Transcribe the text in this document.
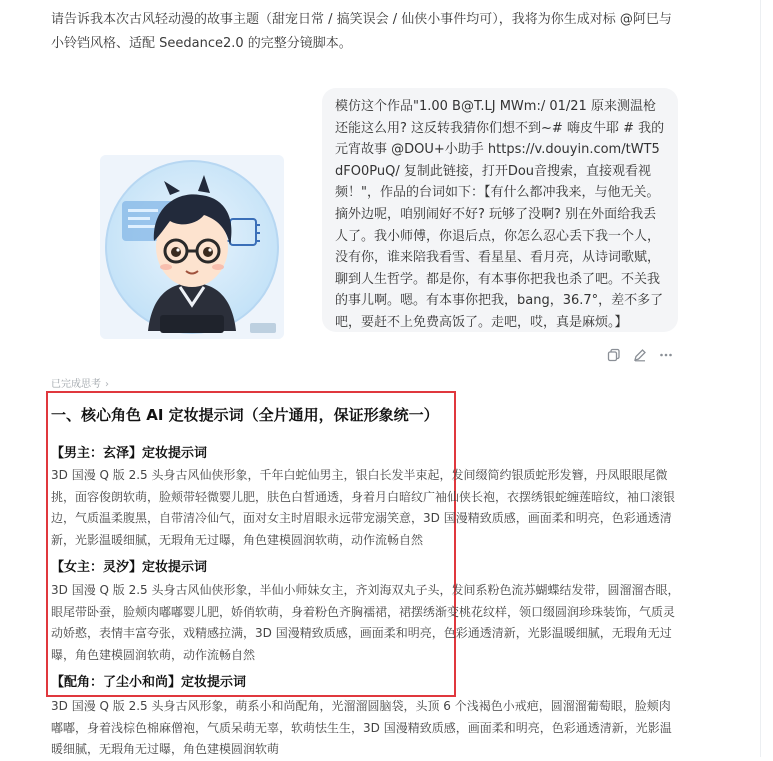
请告诉我本次古风轻动漫的故事主题（甜宠日常 / 搞笑误会 / 仙侠小事件均可），我将为你生成对标 @阿巳与小铃铛风格、适配 Seedance2.0 的完整分镜脚本。
模仿这个作品"1.00 B@T.LJ MWm:/ 01/21 原来测温枪还能这么用? 这反转我猜你们想不到~# 嗨皮牛耶 # 我的元宵故事 @DOU+小助手 https://v.douyin.com/tWT5dFO0PuQ/ 复制此链接，打开Dou音搜索，直接观看视频！"，作品的台词如下：【有什么都冲我来，与他无关。摘外边呢，咱别闹好不好? 玩够了没啊? 别在外面给我丢人了。我小师傅，你退后点，你怎么忍心丢下我一个人，没有你，谁来陪我看雪、看星星、看月亮，从诗词歌赋，聊到人生哲学。都是你，有本事你把我也杀了吧。不关我的事儿啊。嗯。有本事你把我，bang，36.7°，差不多了吧，要赶不上免费高饭了。走吧，哎，真是麻烦。】
已完成思考 ›
一、核心角色 AI 定妆提示词（全片通用，保证形象统一）
【男主：玄泽】定妆提示词
3D 国漫 Q 版 2.5 头身古风仙侠形象，千年白蛇仙男主，银白长发半束起，发间缀简约银质蛇形发簪，丹凤眼眼尾微挑，面容俊朗软萌，脸颊带轻微婴儿肥，肤色白皙通透，身着月白暗纹广袖仙侠长袍，衣摆绣银蛇缠莲暗纹，袖口滚银边，气质温柔腹黑，自带清冷仙气，面对女主时眉眼永远带宠溺笑意，3D 国漫精致质感，画面柔和明亮，色彩通透清新，光影温暖细腻，无瑕角无过曝，角色建模圆润软萌，动作流畅自然
【女主：灵汐】定妆提示词
3D 国漫 Q 版 2.5 头身古风仙侠形象，半仙小师妹女主，齐刘海双丸子头，发间系粉色流苏蝴蝶结发带，圆溜溜杏眼，眼尾带卧蚕，脸颊肉嘟嘟婴儿肥，娇俏软萌，身着粉色齐胸襦裙，裙摆绣渐变桃花纹样，领口缀圆润珍珠装饰，气质灵动娇憨，表情丰富夸张，戏精感拉满，3D 国漫精致质感，画面柔和明亮，色彩通透清新，光影温暖细腻，无瑕角无过曝，角色建模圆润软萌，动作流畅自然
【配角：了尘小和尚】定妆提示词
3D 国漫 Q 版 2.5 头身古风形象，萌系小和尚配角，光溜溜圆脑袋，头顶 6 个浅褐色小戒疤，圆溜溜葡萄眼，脸颊肉嘟嘟，身着浅棕色棉麻僧袍，气质呆萌无辜，软萌怯生生，3D 国漫精致质感，画面柔和明亮，色彩通透清新，光影温暖细腻，无瑕角无过曝，角色建模圆润软萌
